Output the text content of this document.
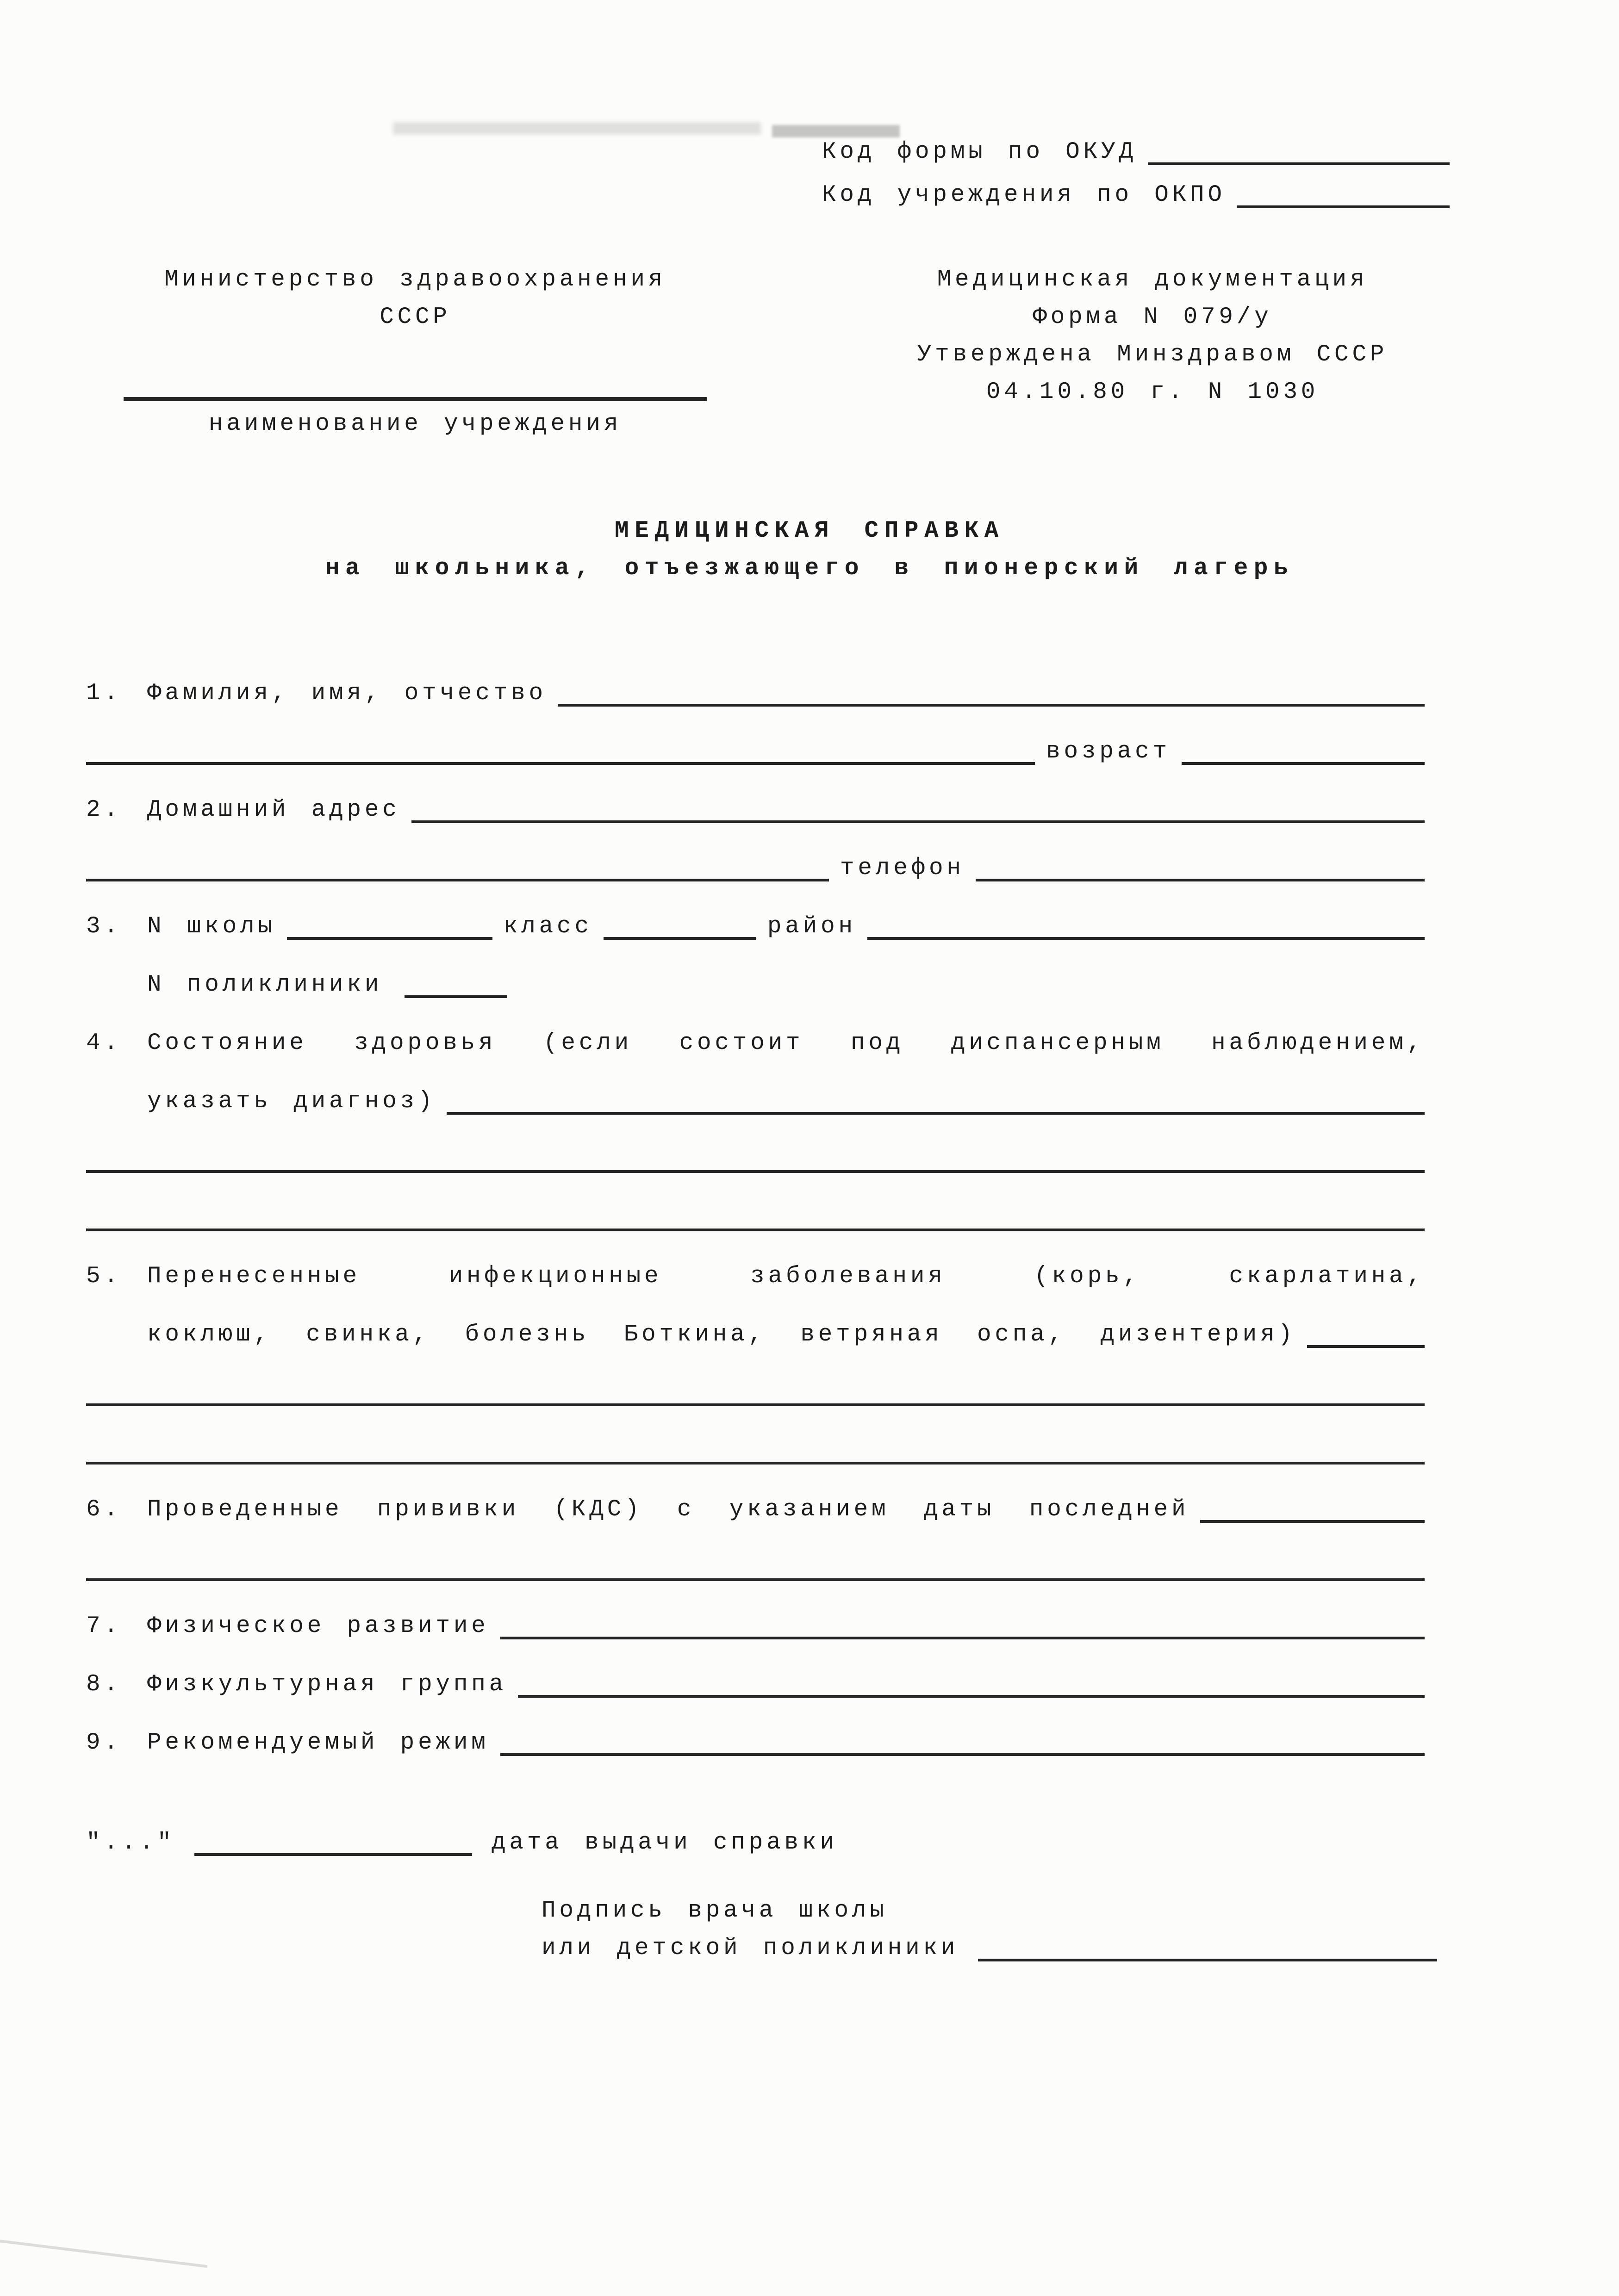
Код формы по ОКУД
Код учреждения по ОКПО
Министерство здравоохранения
СССР
наименование учреждения
Медицинская документация
Форма N 079/у
Утверждена Минздравом СССР
04.10.80 г. N 1030
МЕДИЦИНСКАЯ СПРАВКА
на школьника, отъезжающего в пионерский лагерь
1.	Фамилия, имя, отчество
возраст
2.	Домашний адрес
телефон
3.	N школы	класс	район
N поликлиники
4.	Состояние здоровья (если состоит под диспансерным наблюдением,
указать диагноз)
5.	Перенесенные инфекционные заболевания (корь, скарлатина,
коклюш, свинка, болезнь Боткина, ветряная оспа, дизентерия)
6.	Проведенные прививки (КДС) с указанием даты последней
7.	Физическое развитие
8.	Физкультурная группа
9.	Рекомендуемый режим
"..."	дата выдачи справки
Подпись врача школы
или детской поликлиники
